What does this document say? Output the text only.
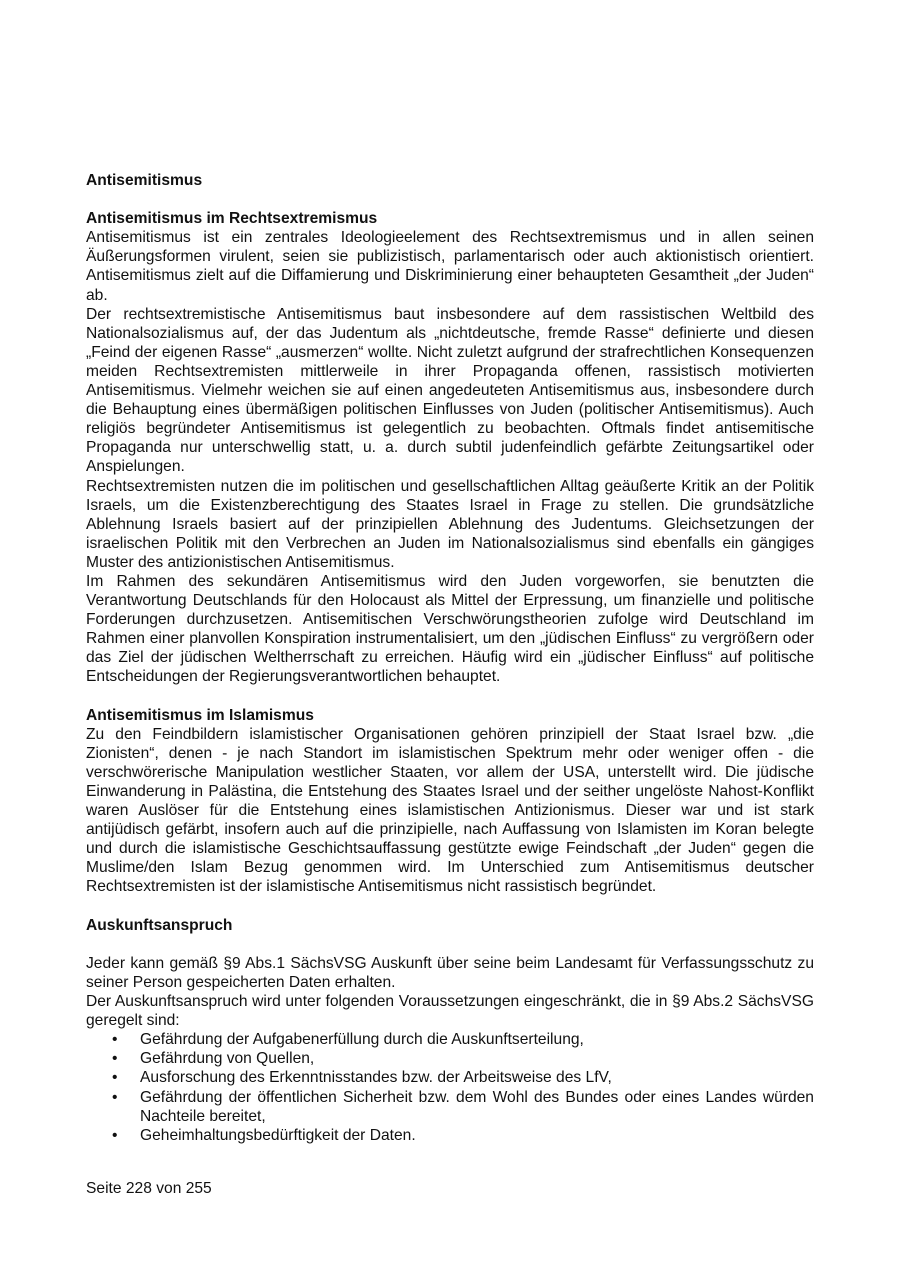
Antisemitismus

Antisemitismus im Rechtsextremismus

Antisemitismus ist ein zentrales Ideologieelement des Rechtsextremismus und in allen seinen Äußerungsformen virulent, seien sie publizistisch, parlamentarisch oder auch aktionistisch orientiert. Antisemitismus zielt auf die Diffamierung und Diskriminierung einer behaupteten Gesamtheit „der Juden“ ab.

Der rechtsextremistische Antisemitismus baut insbesondere auf dem rassistischen Weltbild des Nationalsozialismus auf, der das Judentum als „nichtdeutsche, fremde Rasse“ definierte und diesen „Feind der eigenen Rasse“ „ausmerzen“ wollte. Nicht zuletzt aufgrund der strafrechtlichen Konsequenzen meiden Rechtsextremisten mittlerweile in ihrer Propaganda offenen, rassistisch motivierten Antisemitismus. Vielmehr weichen sie auf einen angedeuteten Antisemitismus aus, insbesondere durch die Behauptung eines übermäßigen politischen Einflusses von Juden (politischer Antisemitismus). Auch religiös begründeter Antisemitismus ist gelegentlich zu beobachten. Oftmals findet antisemitische Propaganda nur unterschwellig statt, u. a. durch subtil judenfeindlich gefärbte Zeitungsartikel oder Anspielungen.

Rechtsextremisten nutzen die im politischen und gesellschaftlichen Alltag geäußerte Kritik an der Politik Israels, um die Existenzberechtigung des Staates Israel in Frage zu stellen. Die grundsätzliche Ablehnung Israels basiert auf der prinzipiellen Ablehnung des Judentums. Gleichsetzungen der israelischen Politik mit den Verbrechen an Juden im Nationalsozialismus sind ebenfalls ein gängiges Muster des antizionistischen Antisemitismus.

Im Rahmen des sekundären Antisemitismus wird den Juden vorgeworfen, sie benutzten die Verantwortung Deutschlands für den Holocaust als Mittel der Erpressung, um finanzielle und politische Forderungen durchzusetzen. Antisemitischen Verschwörungstheorien zufolge wird Deutschland im Rahmen einer planvollen Konspiration instrumentalisiert, um den „jüdischen Einfluss“ zu vergrößern oder das Ziel der jüdischen Weltherrschaft zu erreichen. Häufig wird ein „jüdischer Einfluss“ auf politische Entscheidungen der Regierungsverantwortlichen behauptet.

Antisemitismus im Islamismus

Zu den Feindbildern islamistischer Organisationen gehören prinzipiell der Staat Israel bzw. „die Zionisten“, denen - je nach Standort im islamistischen Spektrum mehr oder weniger offen - die verschwörerische Manipulation westlicher Staaten, vor allem der USA, unterstellt wird. Die jüdische Einwanderung in Palästina, die Entstehung des Staates Israel und der seither ungelöste Nahost-Konflikt waren Auslöser für die Entstehung eines islamistischen Antizionismus. Dieser war und ist stark antijüdisch gefärbt, insofern auch auf die prinzipielle, nach Auffassung von Islamisten im Koran belegte und durch die islamistische Geschichtsauffassung gestützte ewige Feindschaft „der Juden“ gegen die Muslime/den Islam Bezug genommen wird. Im Unterschied zum Antisemitismus deutscher Rechtsextremisten ist der islamistische Antisemitismus nicht rassistisch begründet.

Auskunftsanspruch

Jeder kann gemäß §9 Abs.1 SächsVSG Auskunft über seine beim Landesamt für Verfassungsschutz zu seiner Person gespeicherten Daten erhalten.

Der Auskunftsanspruch wird unter folgenden Voraussetzungen eingeschränkt, die in §9 Abs.2 SächsVSG geregelt sind:

• Gefährdung der Aufgabenerfüllung durch die Auskunftserteilung,
• Gefährdung von Quellen,
• Ausforschung des Erkenntnisstandes bzw. der Arbeitsweise des LfV,
• Gefährdung der öffentlichen Sicherheit bzw. dem Wohl des Bundes oder eines Landes würden Nachteile bereitet,
• Geheimhaltungsbedürftigkeit der Daten.
Seite 228 von 255
